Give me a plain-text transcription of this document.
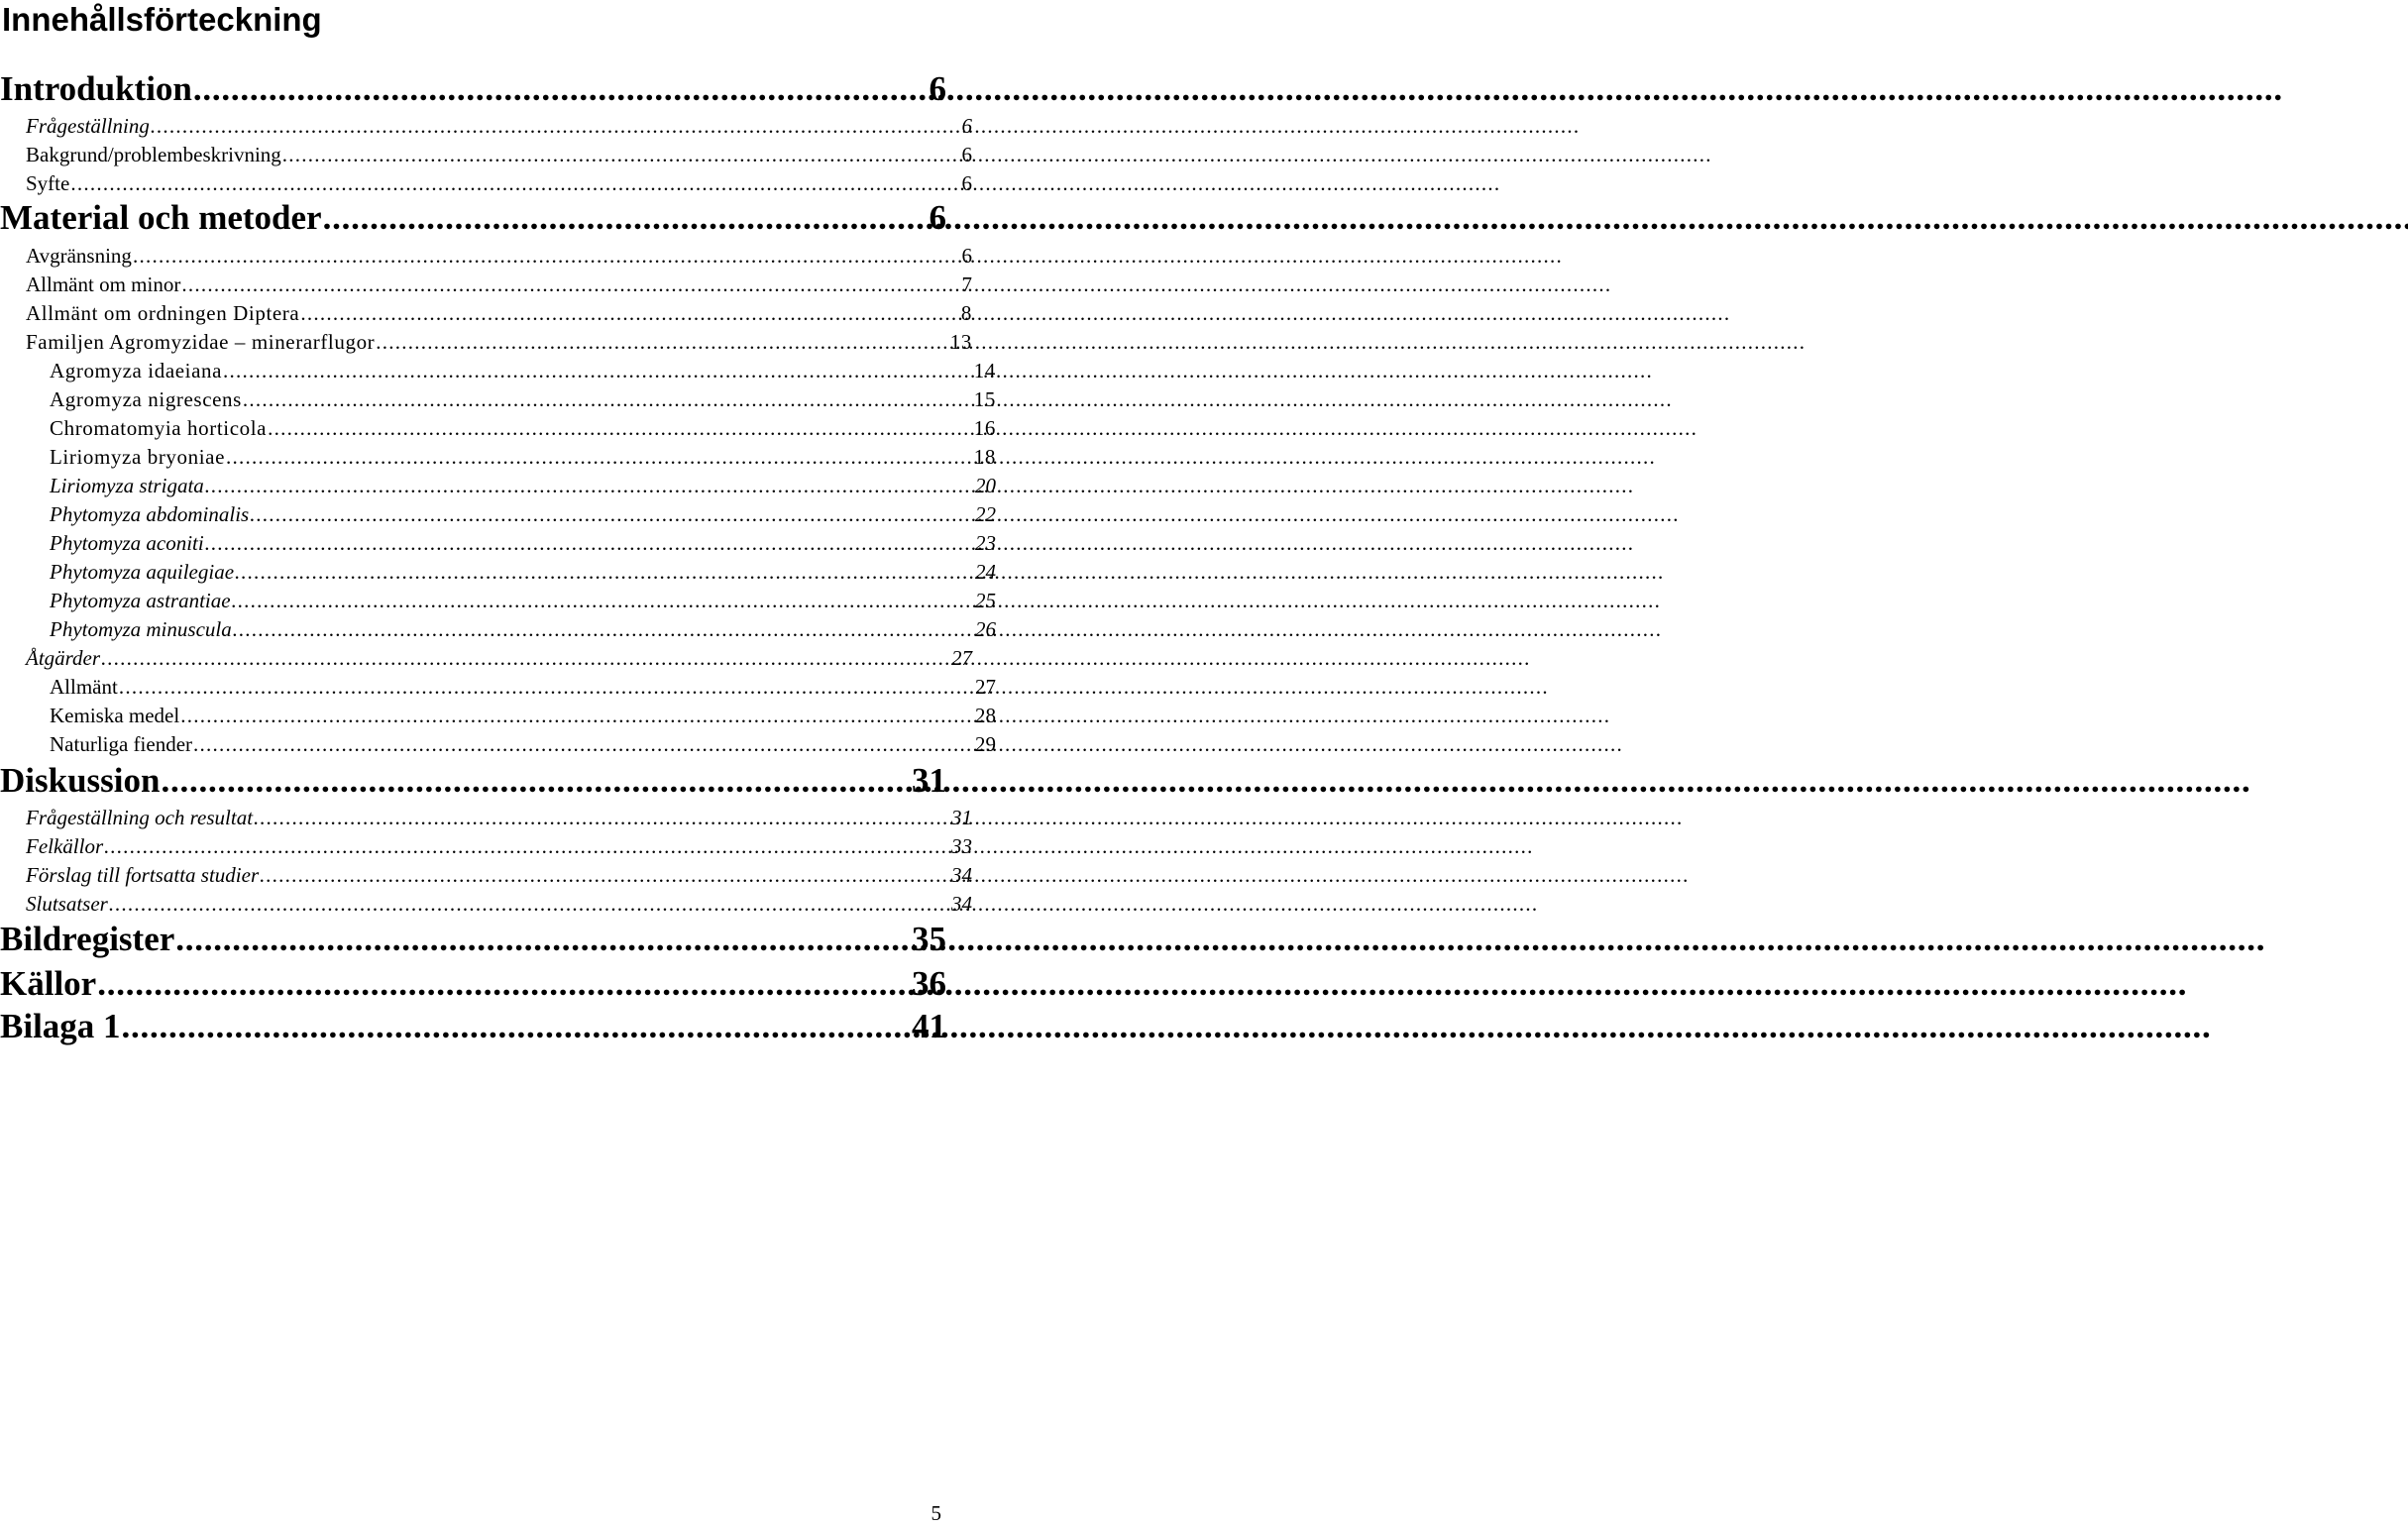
Innehållsförteckning
Introduktion . . .	6
Frågeställning . . .	6
Bakgrund/problembeskrivning . . .	6
Syfte . . .	6
Material och metoder . . .	6
Avgränsning . . .	6
Allmänt om minor . . .	7
Allmänt om ordningen Diptera . . .	8
Familjen Agromyzidae – minerarflugor . . .	13
Agromyza idaeiana . . .	14
Agromyza nigrescens . . .	15
Chromatomyia horticola . . .	16
Liriomyza bryoniae . . .	18
Liriomyza strigata . . .	20
Phytomyza abdominalis . . .	22
Phytomyza aconiti . . .	23
Phytomyza aquilegiae . . .	24
Phytomyza astrantiae . . .	25
Phytomyza minuscula . . .	26
Åtgärder . . .	27
Allmänt . . .	27
Kemiska medel . . .	28
Naturliga fiender . . .	29
Diskussion . . .	31
Frågeställning och resultat . . .	31
Felkällor . . .	33
Förslag till fortsatta studier . . .	34
Slutsatser . . .	34
Bildregister . . .	35
Källor . . .	36
Bilaga 1 . . .	41
5
